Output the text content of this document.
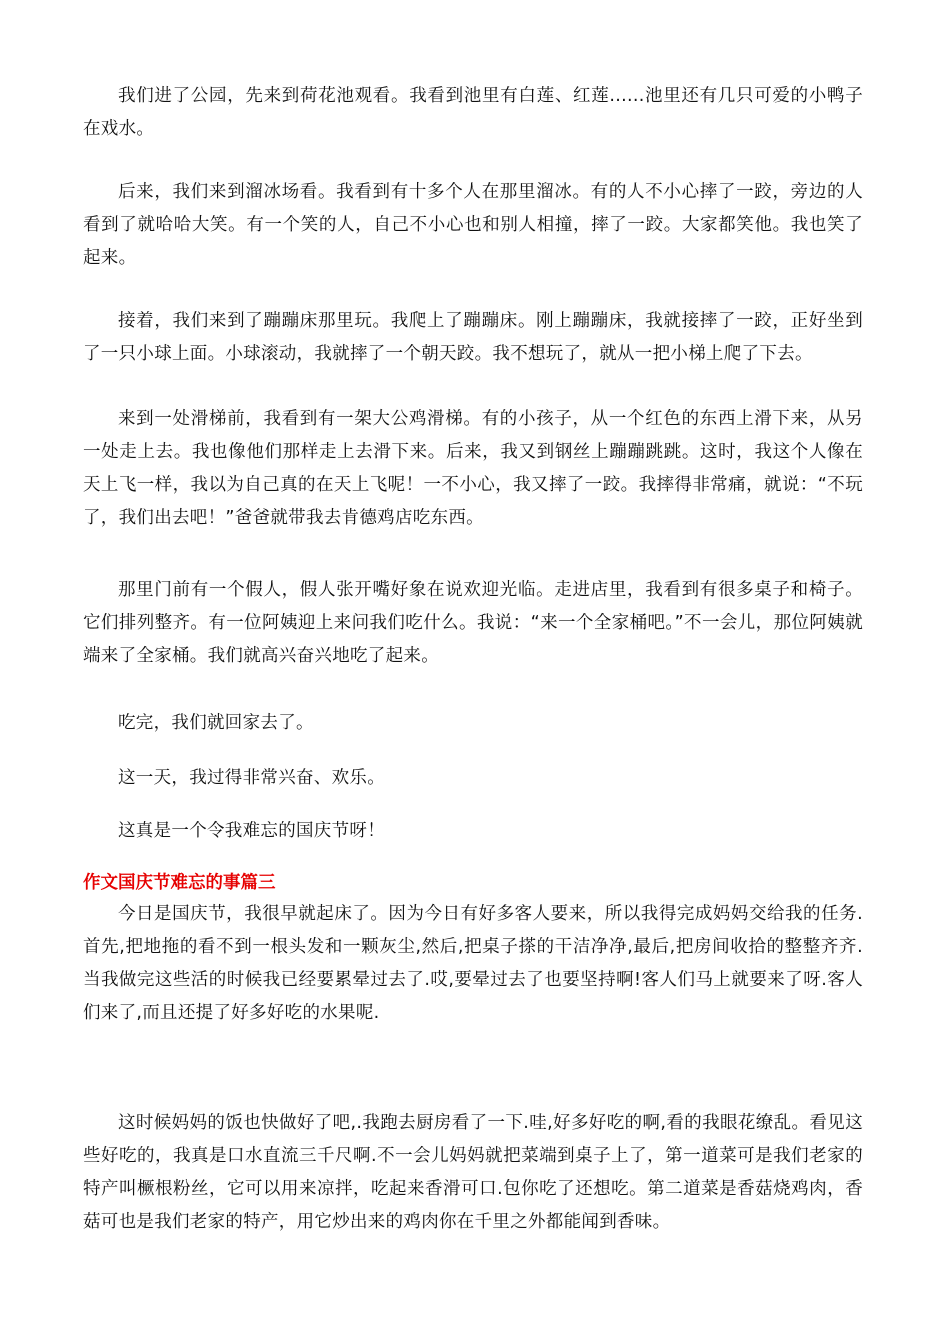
我们进了公园，先来到荷花池观看。我看到池里有白莲、红莲......池里还有几只可爱的小鸭子在戏水。

后来，我们来到溜冰场看。我看到有十多个人在那里溜冰。有的人不小心摔了一跤，旁边的人看到了就哈哈大笑。有一个笑的人，自己不小心也和别人相撞，摔了一跤。大家都笑他。我也笑了起来。

接着，我们来到了蹦蹦床那里玩。我爬上了蹦蹦床。刚上蹦蹦床，我就接摔了一跤，正好坐到了一只小球上面。小球滚动，我就摔了一个朝天跤。我不想玩了，就从一把小梯上爬了下去。

来到一处滑梯前，我看到有一架大公鸡滑梯。有的小孩子，从一个红色的东西上滑下来，从另一处走上去。我也像他们那样走上去滑下来。后来，我又到钢丝上蹦蹦跳跳。这时，我这个人像在天上飞一样，我以为自己真的在天上飞呢！一不小心，我又摔了一跤。我摔得非常痛，就说：“不玩了，我们出去吧！”爸爸就带我去肯德鸡店吃东西。

那里门前有一个假人，假人张开嘴好象在说欢迎光临。走进店里，我看到有很多桌子和椅子。它们排列整齐。有一位阿姨迎上来问我们吃什么。我说：“来一个全家桶吧。”不一会儿，那位阿姨就端来了全家桶。我们就高兴奋兴地吃了起来。

吃完，我们就回家去了。

这一天，我过得非常兴奋、欢乐。

这真是一个令我难忘的国庆节呀！

作文国庆节难忘的事篇三

今日是国庆节，我很早就起床了。因为今日有好多客人要来，所以我得完成妈妈交给我的任务.首先,把地拖的看不到一根头发和一颗灰尘,然后,把桌子搽的干洁净净,最后,把房间收拾的整整齐齐.当我做完这些活的时候我已经要累晕过去了.哎,要晕过去了也要坚持啊!客人们马上就要来了呀.客人们来了,而且还提了好多好吃的水果呢.

这时候妈妈的饭也快做好了吧,.我跑去厨房看了一下.哇,好多好吃的啊,看的我眼花缭乱。看见这些好吃的，我真是口水直流三千尺啊.不一会儿妈妈就把菜端到桌子上了，第一道菜可是我们老家的特产叫橛根粉丝，它可以用来凉拌，吃起来香滑可口.包你吃了还想吃。第二道菜是香菇烧鸡肉，香菇可也是我们老家的特产，用它炒出来的鸡肉你在千里之外都能闻到香味。
